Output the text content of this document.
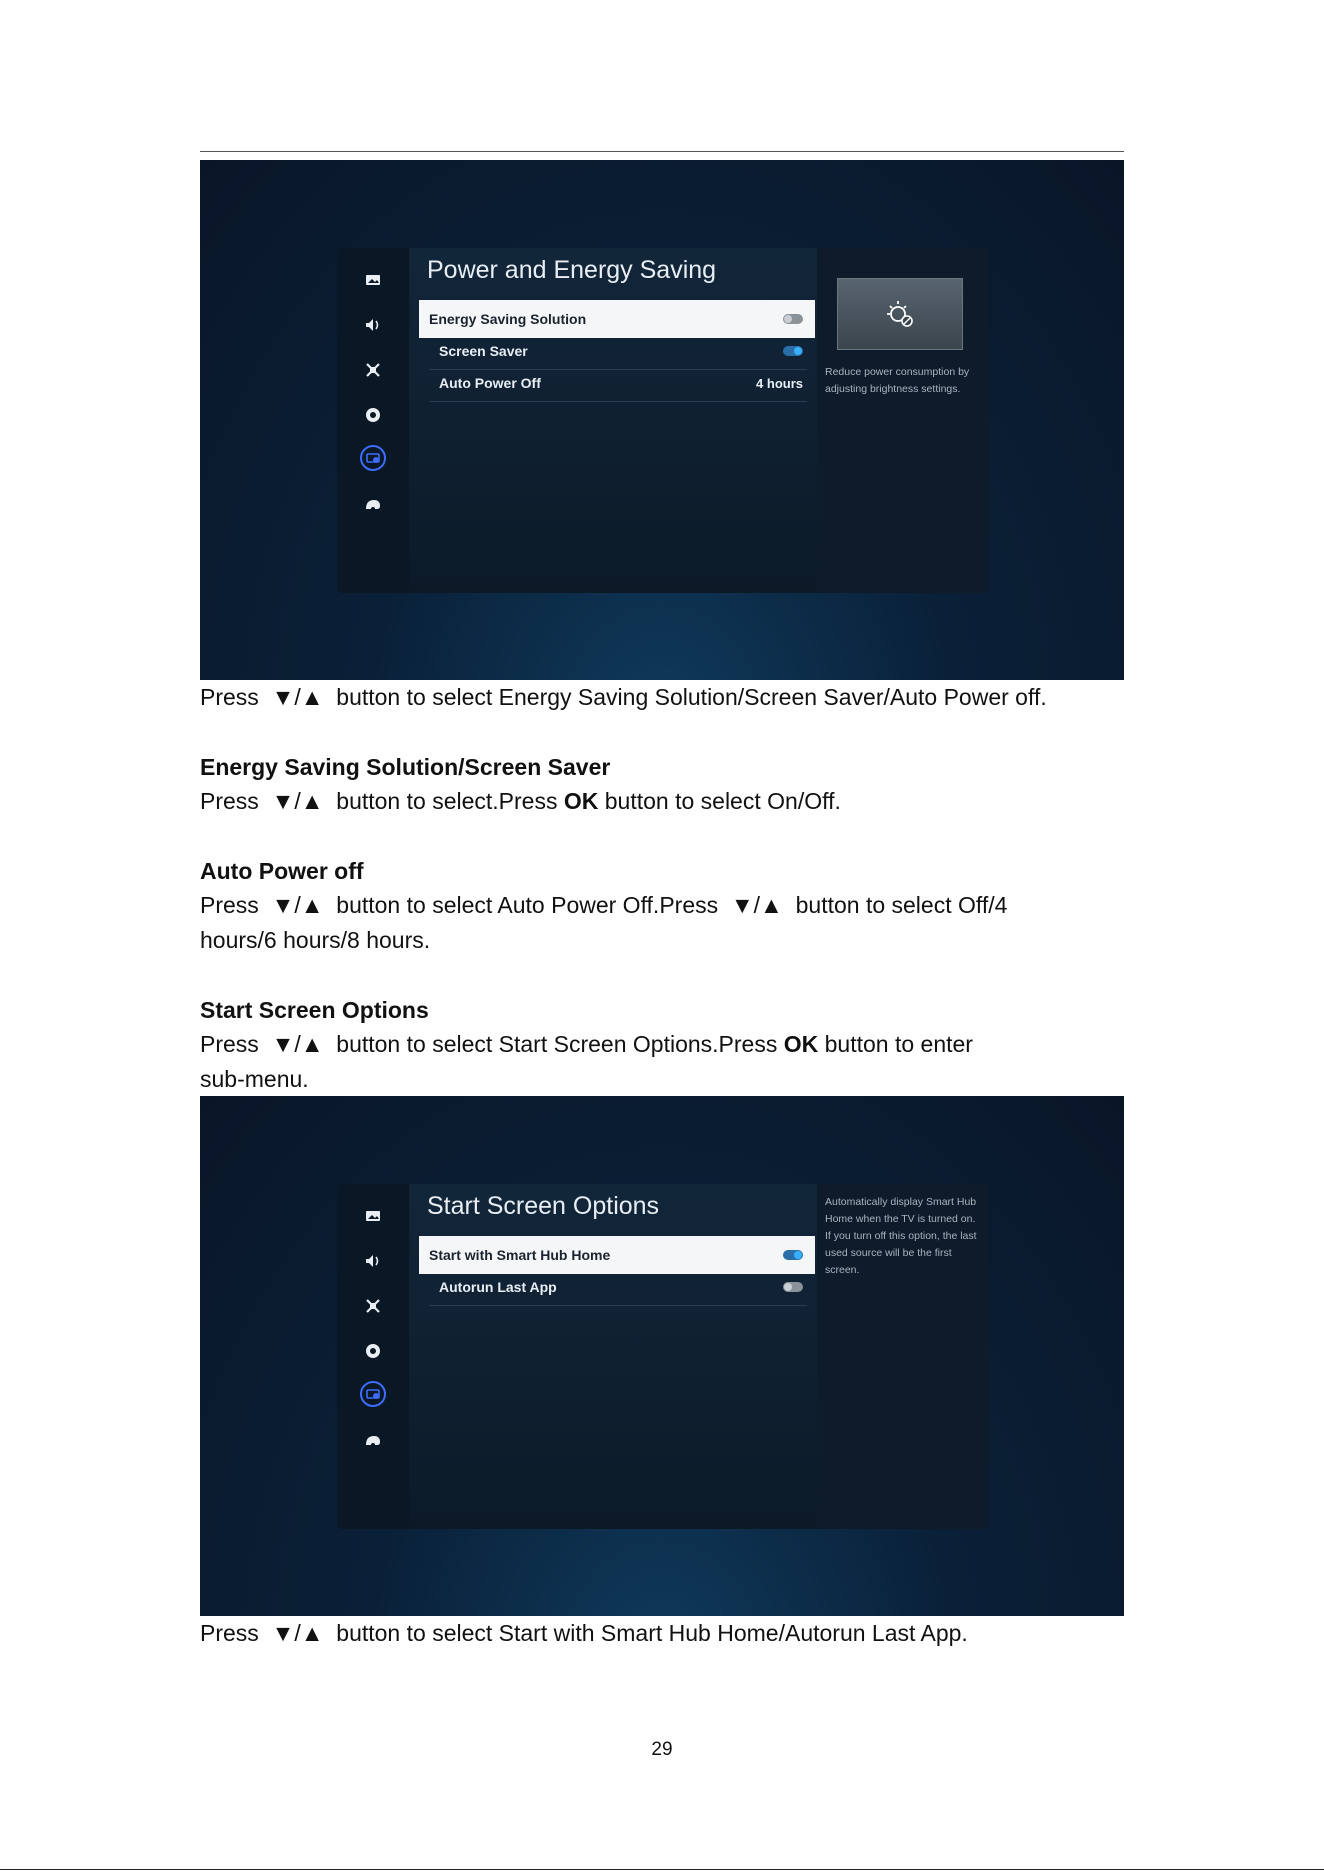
Power and Energy Saving
Energy Saving Solution
Screen Saver
Auto Power Off	4 hours
Reduce power consumption by adjusting brightness settings.
Press ▼/▲ button to select Energy Saving Solution/Screen Saver/Auto Power off.
Energy Saving Solution/Screen Saver
Press ▼/▲ button to select.Press OK button to select On/Off.
Auto Power off
Press ▼/▲ button to select Auto Power Off.Press ▼/▲ button to select Off/4
hours/6 hours/8 hours.
Start Screen Options
Press ▼/▲ button to select Start Screen Options.Press OK button to enter
sub-menu.
Start Screen Options
Start with Smart Hub Home
Autorun Last App
Automatically display Smart Hub Home when the TV is turned on. If you turn off this option, the last used source will be the first screen.
Press ▼/▲ button to select Start with Smart Hub Home/Autorun Last App.
29
